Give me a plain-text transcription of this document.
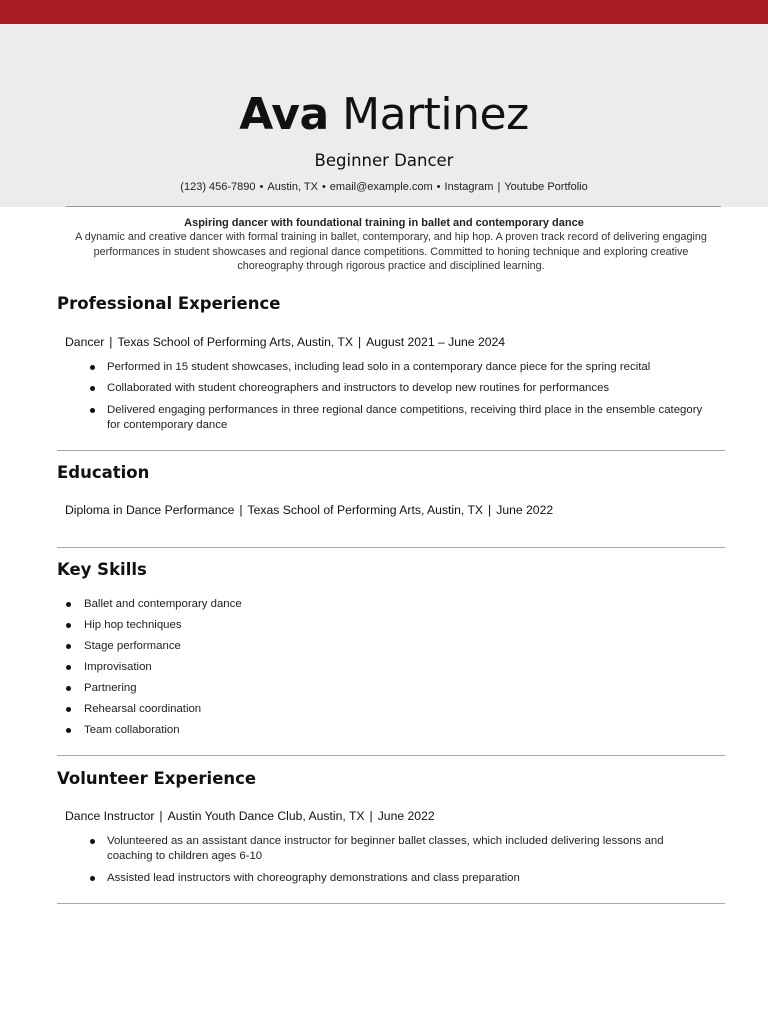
Ava Martinez
Beginner Dancer
(123) 456-7890 • Austin, TX • email@example.com • Instagram | Youtube Portfolio
Aspiring dancer with foundational training in ballet and contemporary dance
A dynamic and creative dancer with formal training in ballet, contemporary, and hip hop. A proven track record of delivering engaging performances in student showcases and regional dance competitions. Committed to honing technique and exploring creative choreography through rigorous practice and disciplined learning.
Professional Experience
Dancer | Texas School of Performing Arts, Austin, TX | August 2021 – June 2024
Performed in 15 student showcases, including lead solo in a contemporary dance piece for the spring recital
Collaborated with student choreographers and instructors to develop new routines for performances
Delivered engaging performances in three regional dance competitions, receiving third place in the ensemble category for contemporary dance
Education
Diploma in Dance Performance | Texas School of Performing Arts, Austin, TX | June 2022
Key Skills
Ballet and contemporary dance
Hip hop techniques
Stage performance
Improvisation
Partnering
Rehearsal coordination
Team collaboration
Volunteer Experience
Dance Instructor | Austin Youth Dance Club, Austin, TX | June 2022
Volunteered as an assistant dance instructor for beginner ballet classes, which included delivering lessons and coaching to children ages 6-10
Assisted lead instructors with choreography demonstrations and class preparation
